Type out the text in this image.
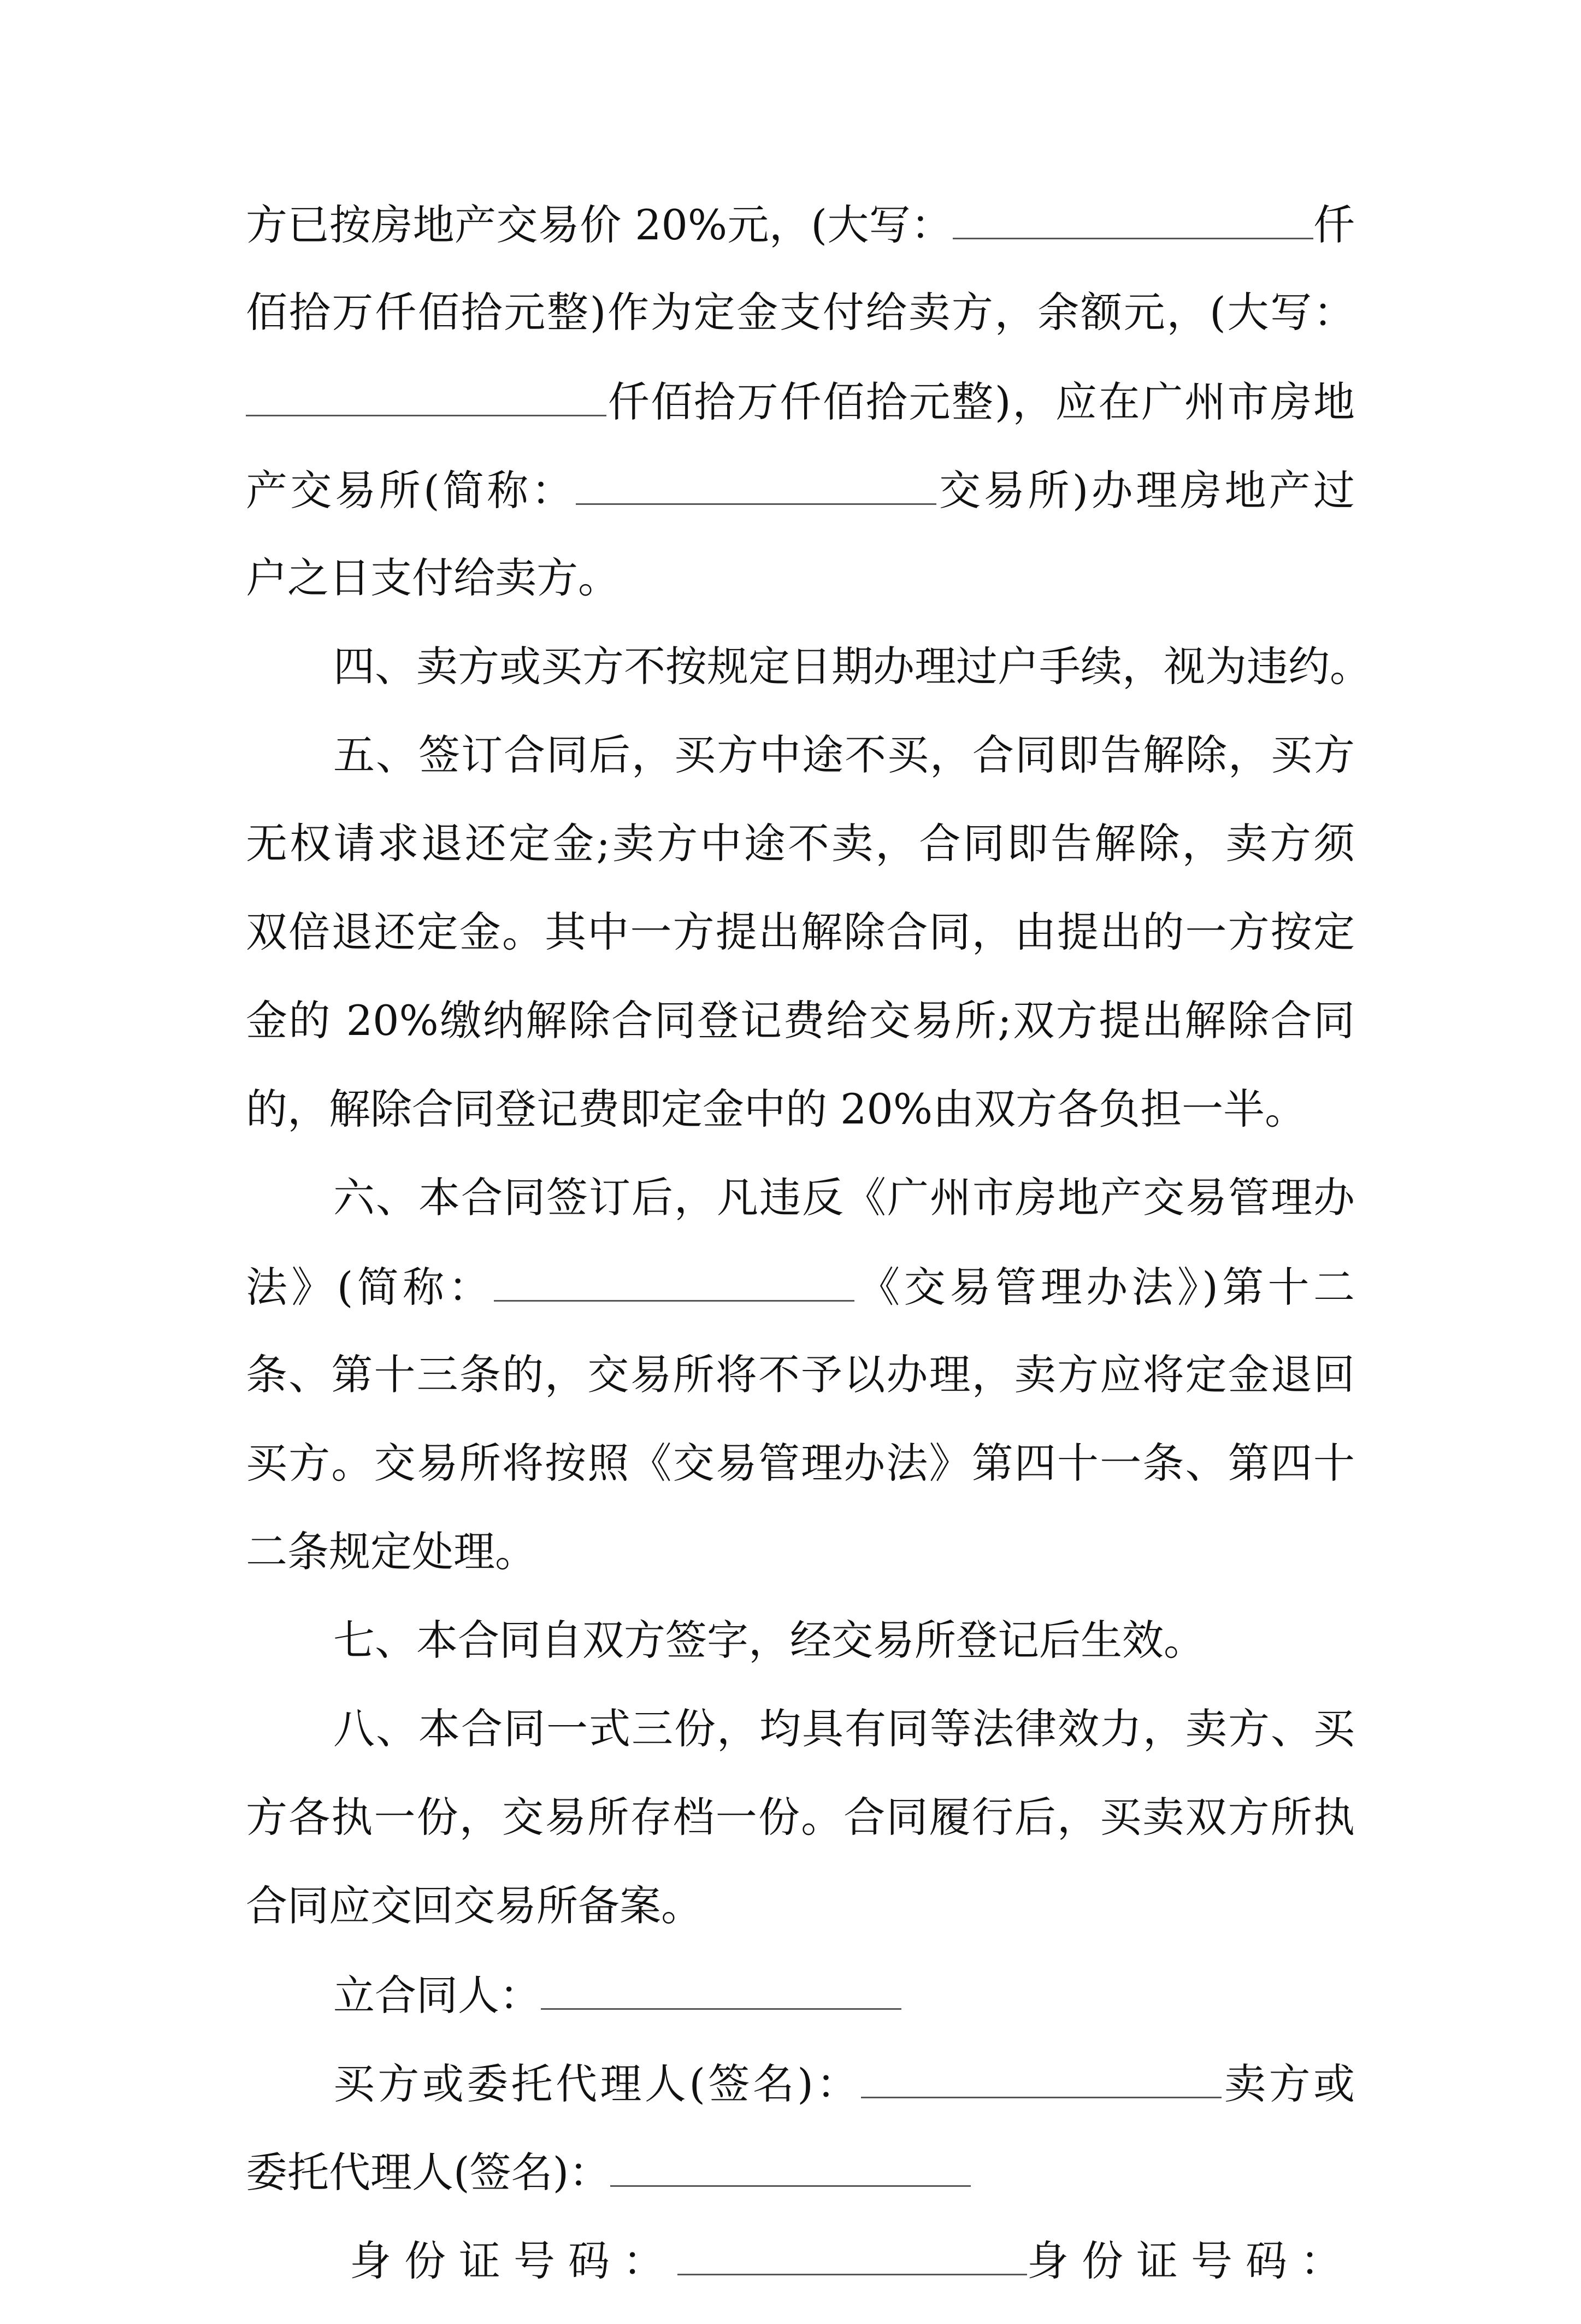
方已按房地产交易价 20%元，(大写：	仟
佰拾万仟佰拾元整)作为定金支付给卖方，余额元，(大写：
仟佰拾万仟佰拾元整)，应在广州市房地
产交易所(简称：	交易所)办理房地产过
户之日支付给卖方。
四、卖方或买方不按规定日期办理过户手续，视为违约。
五、签订合同后，买方中途不买，合同即告解除，买方
无权请求退还定金;卖方中途不卖，合同即告解除，卖方须
双倍退还定金。其中一方提出解除合同，由提出的一方按定
金的 20%缴纳解除合同登记费给交易所;双方提出解除合同
的，解除合同登记费即定金中的 20%由双方各负担一半。
六、本合同签订后，凡违反《广州市房地产交易管理办
法》(简称：	《交易管理办法》)第十二
条、第十三条的，交易所将不予以办理，卖方应将定金退回
买方。交易所将按照《交易管理办法》第四十一条、第四十
二条规定处理。
七、本合同自双方签字，经交易所登记后生效。
八、本合同一式三份，均具有同等法律效力，卖方、买
方各执一份，交易所存档一份。合同履行后，买卖双方所执
合同应交回交易所备案。
立合同人：
买方或委托代理人(签名)：	卖方或
委托代理人(签名)：
身份证号码：	身份证号码：
